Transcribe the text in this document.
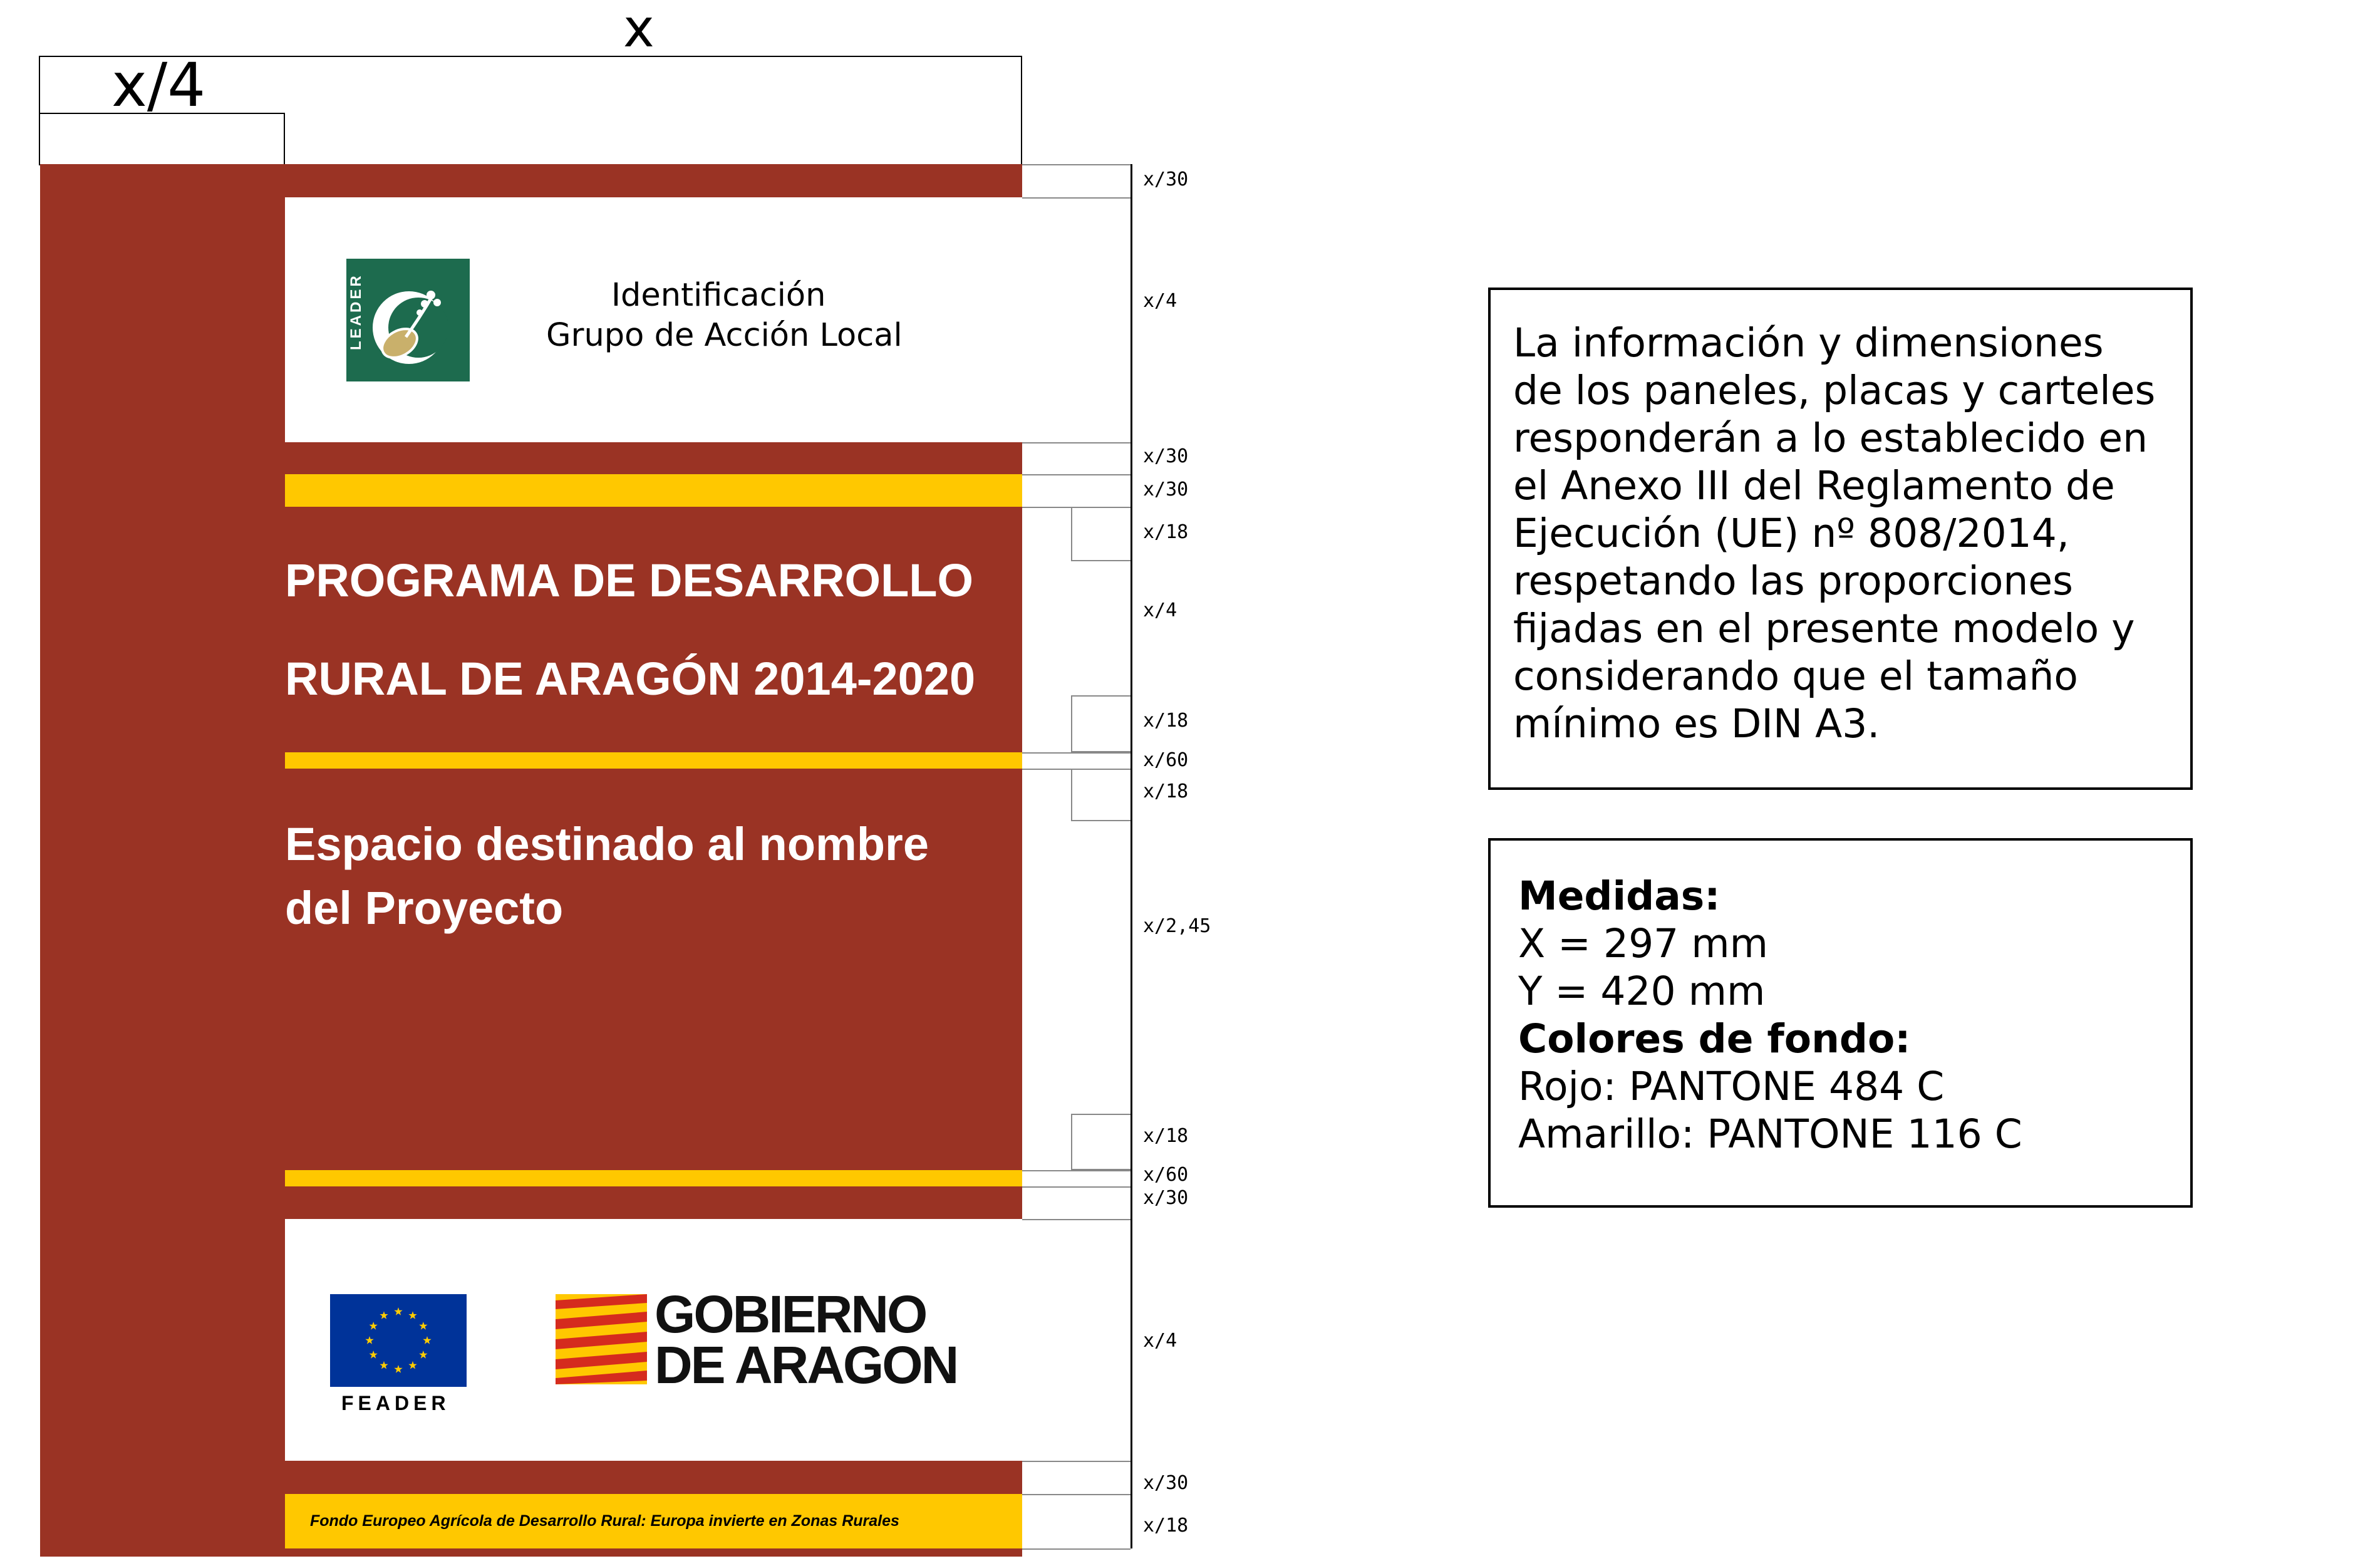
x
x/4
Identificación
Grupo de Acción Local
PROGRAMA DE DESARROLLO
RURAL DE ARAGÓN 2014-2020
Espacio destinado al nombre
del Proyecto
FEADER
GOBIERNO
DE ARAGON
Fondo Europeo Agrícola de Desarrollo Rural: Europa invierte en Zonas Rurales
x/30
x/4
x/30
x/30
x/18
x/4
x/18
x/60
x/18
x/2,45
x/18
x/60
x/30
x/4
x/30
x/18
La información y dimensiones
de los paneles, placas y carteles
responderán a lo establecido en
el Anexo III del Reglamento de
Ejecución (UE) nº 808/2014,
respetando las proporciones
fijadas en el presente modelo y
considerando que el tamaño
mínimo es DIN A3.
Medidas:
X = 297 mm
Y = 420 mm
Colores de fondo:
Rojo: PANTONE 484 C
Amarillo: PANTONE 116 C
